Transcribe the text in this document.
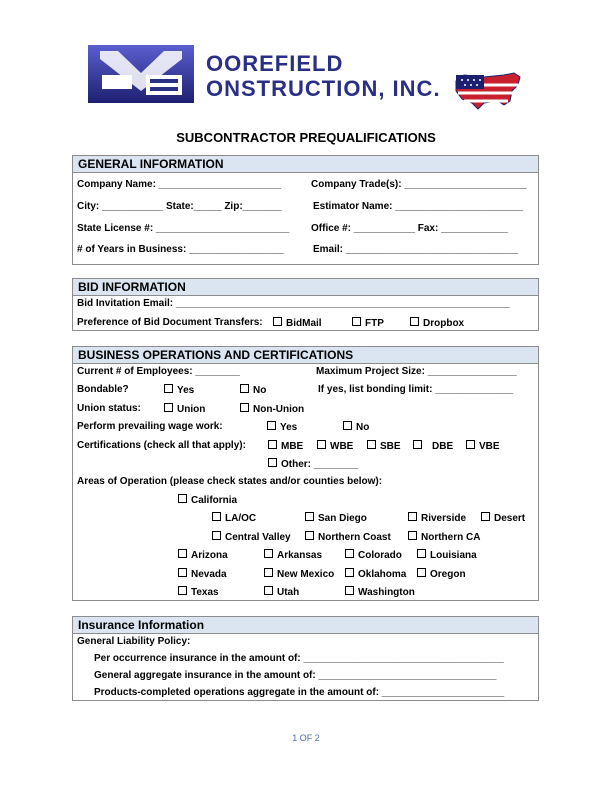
OOREFIELD
ONSTRUCTION, INC.
SUBCONTRACTOR PREQUALIFICATIONS
GENERAL INFORMATION
Company Name: ______________________	Company Trade(s): ______________________
City: ___________ State:_____ Zip:_______	Estimator Name: _______________________
State License #: ________________________ Office #: ___________ Fax: ____________
# of Years in Business: _________________	Email: _______________________________
BID INFORMATION
Bid Invitation Email: ____________________________________________________________
Preference of Bid Document Transfers:	BidMail	FTP	Dropbox
BUSINESS OPERATIONS AND CERTIFICATIONS
Current # of Employees: ________	Maximum Project Size: ________________
Bondable?	Yes	No	If yes, list bonding limit: ______________
Union status:	Union	Non-Union
Perform prevailing wage work:	Yes	No
Certifications (check all that apply):	MBE	WBE	SBE	DBE	VBE
Other: ________
Areas of Operation (please check states and/or counties below):
California
LA/OC	San Diego	Riverside	Desert
Central Valley	Northern Coast	Northern CA
Arizona	Arkansas	Colorado	Louisiana
Nevada	New Mexico	Oklahoma	Oregon
Texas	Utah	Washington
Insurance Information
General Liability Policy:
Per occurrence insurance in the amount of: ____________________________________
General aggregate insurance in the amount of: ________________________________
Products-completed operations aggregate in the amount of: ______________________
1 OF 2
